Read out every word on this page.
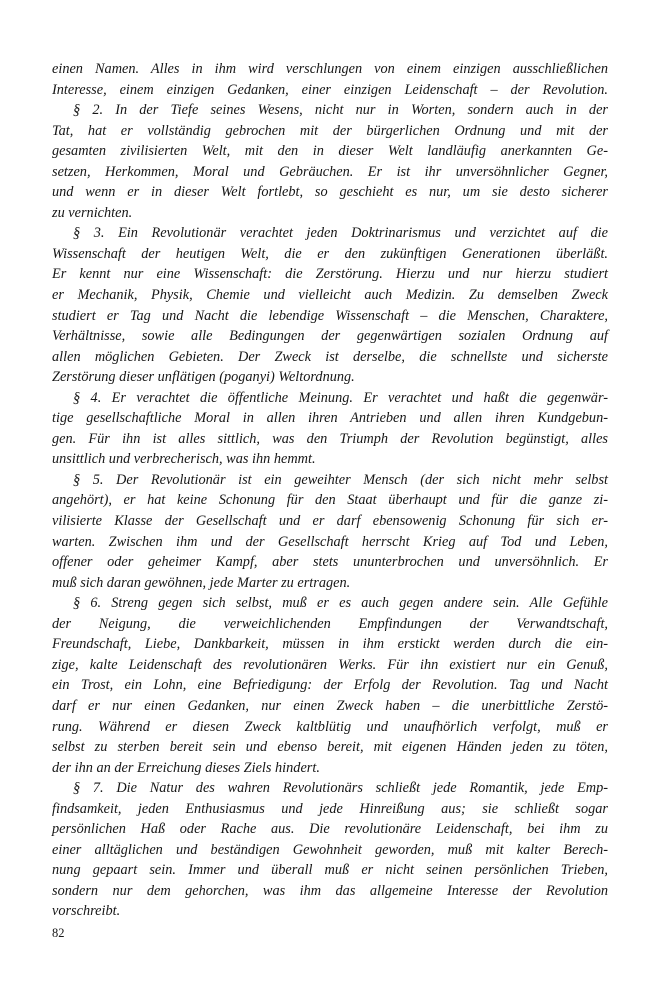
einen Namen. Alles in ihm wird verschlungen von einem einzigen ausschließlichen
Interesse, einem einzigen Gedanken, einer einzigen Leidenschaft – der Revolution.
§ 2. In der Tiefe seines Wesens, nicht nur in Worten, sondern auch in der
Tat, hat er vollständig gebrochen mit der bürgerlichen Ordnung und mit der
gesamten zivilisierten Welt, mit den in dieser Welt landläufig anerkannten Ge-
setzen, Herkommen, Moral und Gebräuchen. Er ist ihr unversöhnlicher Gegner,
und wenn er in dieser Welt fortlebt, so geschieht es nur, um sie desto sicherer
zu vernichten.
§ 3. Ein Revolutionär verachtet jeden Doktrinarismus und verzichtet auf die
Wissenschaft der heutigen Welt, die er den zukünftigen Generationen überläßt.
Er kennt nur eine Wissenschaft: die Zerstörung. Hierzu und nur hierzu studiert
er Mechanik, Physik, Chemie und vielleicht auch Medizin. Zu demselben Zweck
studiert er Tag und Nacht die lebendige Wissenschaft – die Menschen, Charaktere,
Verhältnisse, sowie alle Bedingungen der gegenwärtigen sozialen Ordnung auf
allen möglichen Gebieten. Der Zweck ist derselbe, die schnellste und sicherste
Zerstörung dieser unflätigen (poganyi) Weltordnung.
§ 4. Er verachtet die öffentliche Meinung. Er verachtet und haßt die gegenwär-
tige gesellschaftliche Moral in allen ihren Antrieben und allen ihren Kundgebun-
gen. Für ihn ist alles sittlich, was den Triumph der Revolution begünstigt, alles
unsittlich und verbrecherisch, was ihn hemmt.
§ 5. Der Revolutionär ist ein geweihter Mensch (der sich nicht mehr selbst
angehört), er hat keine Schonung für den Staat überhaupt und für die ganze zi-
vilisierte Klasse der Gesellschaft und er darf ebensowenig Schonung für sich er-
warten. Zwischen ihm und der Gesellschaft herrscht Krieg auf Tod und Leben,
offener oder geheimer Kampf, aber stets ununterbrochen und unversöhnlich. Er
muß sich daran gewöhnen, jede Marter zu ertragen.
§ 6. Streng gegen sich selbst, muß er es auch gegen andere sein. Alle Gefühle
der Neigung, die verweichlichenden Empfindungen der Verwandtschaft,
Freundschaft, Liebe, Dankbarkeit, müssen in ihm erstickt werden durch die ein-
zige, kalte Leidenschaft des revolutionären Werks. Für ihn existiert nur ein Genuß,
ein Trost, ein Lohn, eine Befriedigung: der Erfolg der Revolution. Tag und Nacht
darf er nur einen Gedanken, nur einen Zweck haben – die unerbittliche Zerstö-
rung. Während er diesen Zweck kaltblütig und unaufhörlich verfolgt, muß er
selbst zu sterben bereit sein und ebenso bereit, mit eigenen Händen jeden zu töten,
der ihn an der Erreichung dieses Ziels hindert.
§ 7. Die Natur des wahren Revolutionärs schließt jede Romantik, jede Emp-
findsamkeit, jeden Enthusiasmus und jede Hinreißung aus; sie schließt sogar
persönlichen Haß oder Rache aus. Die revolutionäre Leidenschaft, bei ihm zu
einer alltäglichen und beständigen Gewohnheit geworden, muß mit kalter Berech-
nung gepaart sein. Immer und überall muß er nicht seinen persönlichen Trieben,
sondern nur dem gehorchen, was ihm das allgemeine Interesse der Revolution
vorschreibt.
82
